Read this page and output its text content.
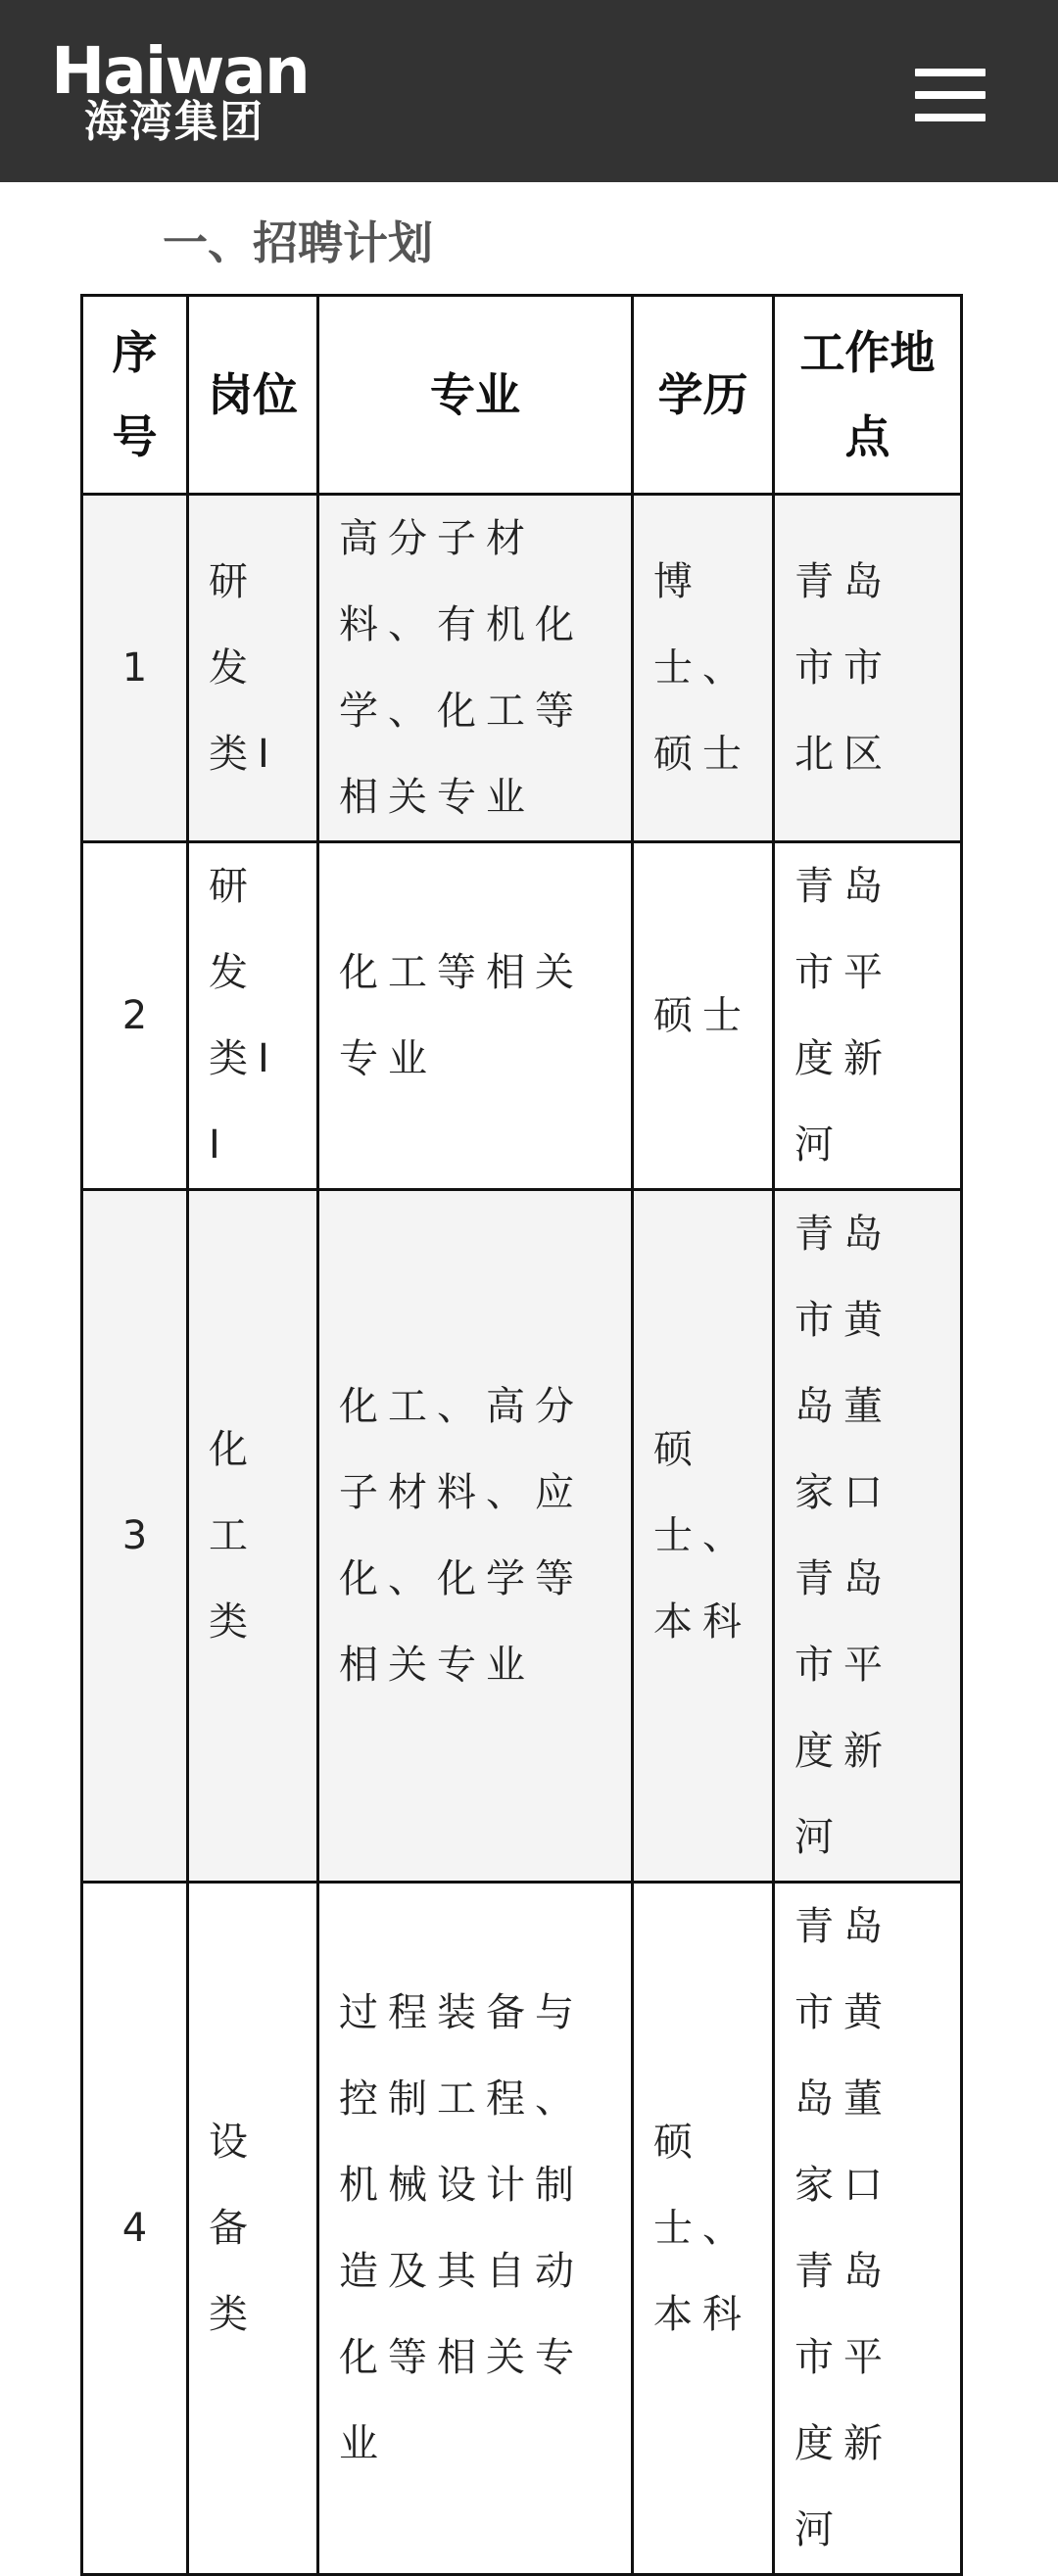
Haiwan
海湾集团
一、招聘计划
序号	岗位	专业	学历	工作地点
1	研发类I	高分子材料、有机化学、化工等相关专业	博士、硕士	青岛市市北区
2	研发类II	化工等相关专业	硕士	青岛市平度新河
3	化工类	化工、高分子材料、应化、化学等相关专业	硕士、本科	青岛市黄岛董家口青岛市平度新河
4	设备类	过程装备与控制工程、机械设计制造及其自动化等相关专业	硕士、本科	青岛市黄岛董家口青岛市平度新河
